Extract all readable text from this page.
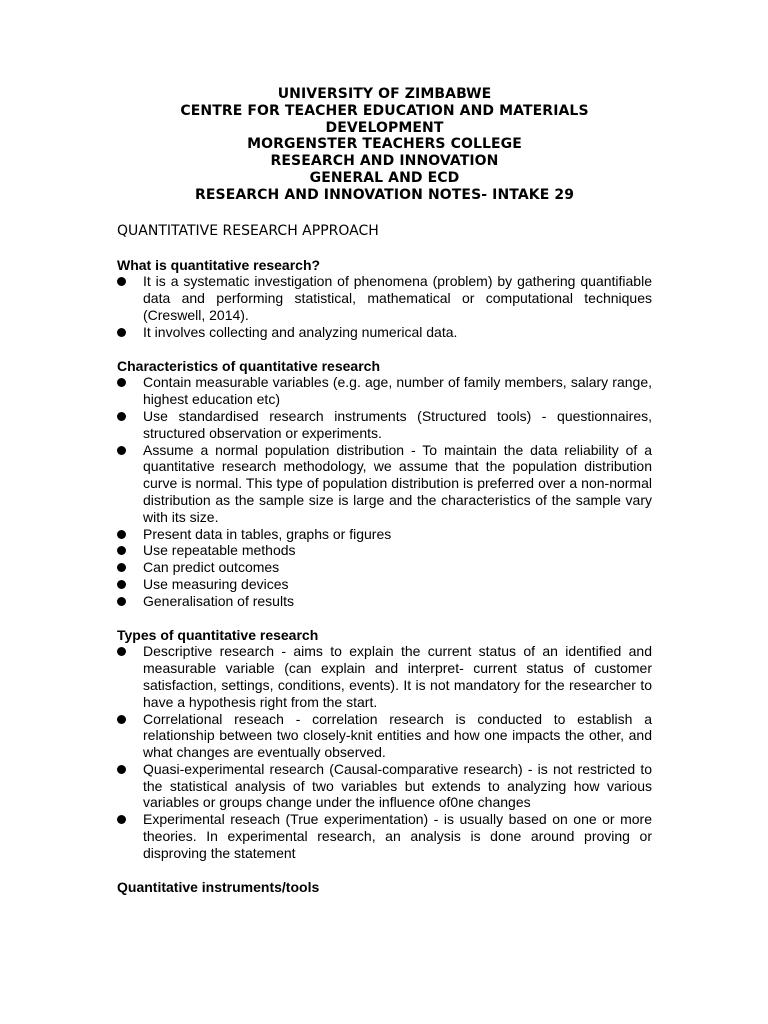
UNIVERSITY OF ZIMBABWE
CENTRE FOR TEACHER EDUCATION AND MATERIALS
DEVELOPMENT
MORGENSTER TEACHERS COLLEGE
RESEARCH AND INNOVATION
GENERAL AND ECD
RESEARCH AND INNOVATION NOTES- INTAKE 29
QUANTITATIVE RESEARCH APPROACH
What is quantitative research?
It is a systematic investigation of phenomena (problem) by gathering quantifiable data and performing statistical, mathematical or computational techniques (Creswell, 2014).
It involves collecting and analyzing numerical data.
Characteristics of quantitative research
Contain measurable variables (e.g. age, number of family members, salary range, highest education etc)
Use standardised research instruments (Structured tools) - questionnaires, structured observation or experiments.
Assume a normal population distribution - To maintain the data reliability of a quantitative research methodology, we assume that the population distribution curve is normal. This type of population distribution is preferred over a non-normal distribution as the sample size is large and the characteristics of the sample vary with its size.
Present data in tables, graphs or figures
Use repeatable methods
Can predict outcomes
Use measuring devices
Generalisation of results
Types of quantitative research
Descriptive research - aims to explain the current status of an identified and measurable variable (can explain and interpret- current status of customer satisfaction, settings, conditions, events). It is not mandatory for the researcher to have a hypothesis right from the start.
Correlational reseach - correlation research is conducted to establish a relationship between two closely-knit entities and how one impacts the other, and what changes are eventually observed.
Quasi-experimental research (Causal-comparative research) - is not restricted to the statistical analysis of two variables but extends to analyzing how various variables or groups change under the influence of0ne changes
Experimental reseach (True experimentation) - is usually based on one or more theories. In experimental research, an analysis is done around proving or disproving the statement
Quantitative instruments/tools
